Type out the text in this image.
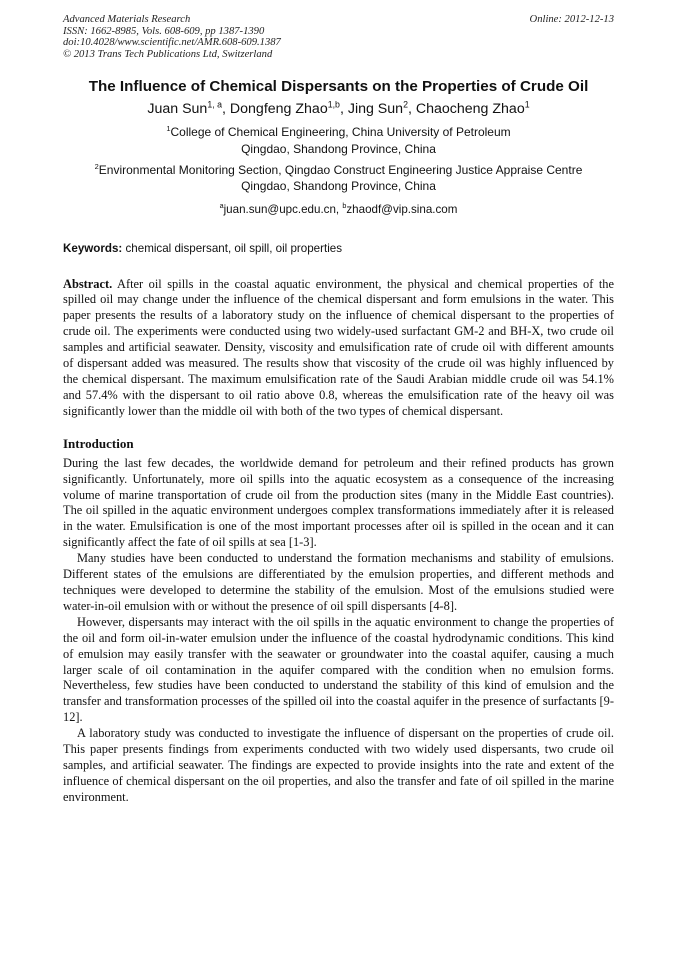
Advanced Materials Research
ISSN: 1662-8985, Vols. 608-609, pp 1387-1390
doi:10.4028/www.scientific.net/AMR.608-609.1387
© 2013 Trans Tech Publications Ltd, Switzerland
Online: 2012-12-13
The Influence of Chemical Dispersants on the Properties of Crude Oil
Juan Sun$^{1, a}$, Dongfeng Zhao$^{1,b}$, Jing Sun$^2$, Chaocheng Zhao$^1$
$^1$College of Chemical Engineering, China University of Petroleum
Qingdao, Shandong Province, China
$^2$Environmental Monitoring Section, Qingdao Construct Engineering Justice Appraise Centre
Qingdao, Shandong Province, China
$^a$juan.sun@upc.edu.cn, $^b$zhaodf@vip.sina.com
Keywords: chemical dispersant, oil spill, oil properties

Abstract. After oil spills in the coastal aquatic environment, the physical and chemical properties of the spilled oil may change under the influence of the chemical dispersant and form emulsions in the water. This paper presents the results of a laboratory study on the influence of chemical dispersant to the properties of crude oil. The experiments were conducted using two widely-used surfactant GM-2 and BH-X, two crude oil samples and artificial seawater. Density, viscosity and emulsification rate of crude oil with different amounts of dispersant added was measured. The results show that viscosity of the crude oil was highly influenced by the chemical dispersant. The maximum emulsification rate of the Saudi Arabian middle crude oil was 54.1% and 57.4% with the dispersant to oil ratio above 0.8, whereas the emulsification rate of the heavy oil was significantly lower than the middle oil with both of the two types of chemical dispersant.

Introduction

During the last few decades, the worldwide demand for petroleum and their refined products has grown significantly. Unfortunately, more oil spills into the aquatic ecosystem as a consequence of the increasing volume of marine transportation of crude oil from the production sites (many in the Middle East countries). The oil spilled in the aquatic environment undergoes complex transformations immediately after it is released in the water. Emulsification is one of the most important processes after oil is spilled in the ocean and it can significantly affect the fate of oil spills at sea [1-3].

Many studies have been conducted to understand the formation mechanisms and stability of emulsions. Different states of the emulsions are differentiated by the emulsion properties, and different methods and techniques were developed to determine the stability of the emulsion. Most of the emulsions studied were water-in-oil emulsion with or without the presence of oil spill dispersants [4-8].

However, dispersants may interact with the oil spills in the aquatic environment to change the properties of the oil and form oil-in-water emulsion under the influence of the coastal hydrodynamic conditions. This kind of emulsion may easily transfer with the seawater or groundwater into the coastal aquifer, causing a much larger scale of oil contamination in the aquifer compared with the condition when no emulsion forms. Nevertheless, few studies have been conducted to understand the stability of this kind of emulsion and the transfer and transformation processes of the spilled oil into the coastal aquifer in the presence of surfactants [9-12].

A laboratory study was conducted to investigate the influence of dispersant on the properties of crude oil. This paper presents findings from experiments conducted with two widely used dispersants, two crude oil samples, and artificial seawater. The findings are expected to provide insights into the rate and extent of the influence of chemical dispersant on the oil properties, and also the transfer and fate of oil spilled in the marine environment.
